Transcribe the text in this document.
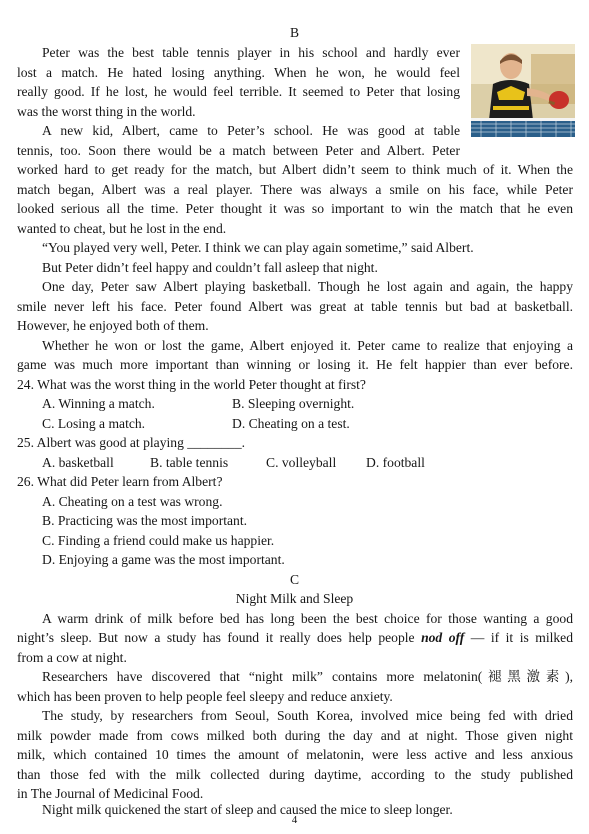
B
Peter was the best table tennis player in his school and hardly ever
lost a match. He hated losing anything. When he won, he would feel
really good. If he lost, he would feel terrible. It seemed to Peter that losing
was the worst thing in the world.
A new kid, Albert, came to Peter’s school. He was good at table
tennis, too. Soon there would be a match between Peter and Albert. Peter
worked hard to get ready for the match, but Albert didn’t seem to think much of it. When the
match began, Albert was a real player. There was always a smile on his face, while Peter
looked serious all the time. Peter thought it was so important to win the match that he even
wanted to cheat, but he lost in the end.
“You played very well, Peter. I think we can play again sometime,” said Albert.
But Peter didn’t feel happy and couldn’t fall asleep that night.
One day, Peter saw Albert playing basketball. Though he lost again and again, the happy
smile never left his face. Peter found Albert was great at table tennis but bad at basketball.
However, he enjoyed both of them.
Whether he won or lost the game, Albert enjoyed it. Peter came to realize that enjoying a
game was much more important than winning or losing it. He felt happier than ever before.
24. What was the worst thing in the world Peter thought at first?
A. Winning a match.	B. Sleeping overnight.
C. Losing a match.	D. Cheating on a test.
25. Albert was good at playing ________.
A. basketball	B. table tennis	C. volleyball D. football
26. What did Peter learn from Albert?
A. Cheating on a test was wrong.
B. Practicing was the most important.
C. Finding a friend could make us happier.
D. Enjoying a game was the most important.
C
Night Milk and Sleep
A warm drink of milk before bed has long been the best choice for those wanting a good
night’s sleep. But now a study has found it really does help people nod off — if it is milked
from a cow at night.
Researchers have discovered that “night milk” contains more melatonin(褪黑激素),
which has been proven to help people feel sleepy and reduce anxiety.
The study, by researchers from Seoul, South Korea, involved mice being fed with dried
milk powder made from cows milked both during the day and at night. Those given night
milk, which contained 10 times the amount of melatonin, were less active and less anxious
than those fed with the milk collected during daytime, according to the study published
in The Journal of Medicinal Food.
Night milk quickened the start of sleep and caused the mice to sleep longer.
4
